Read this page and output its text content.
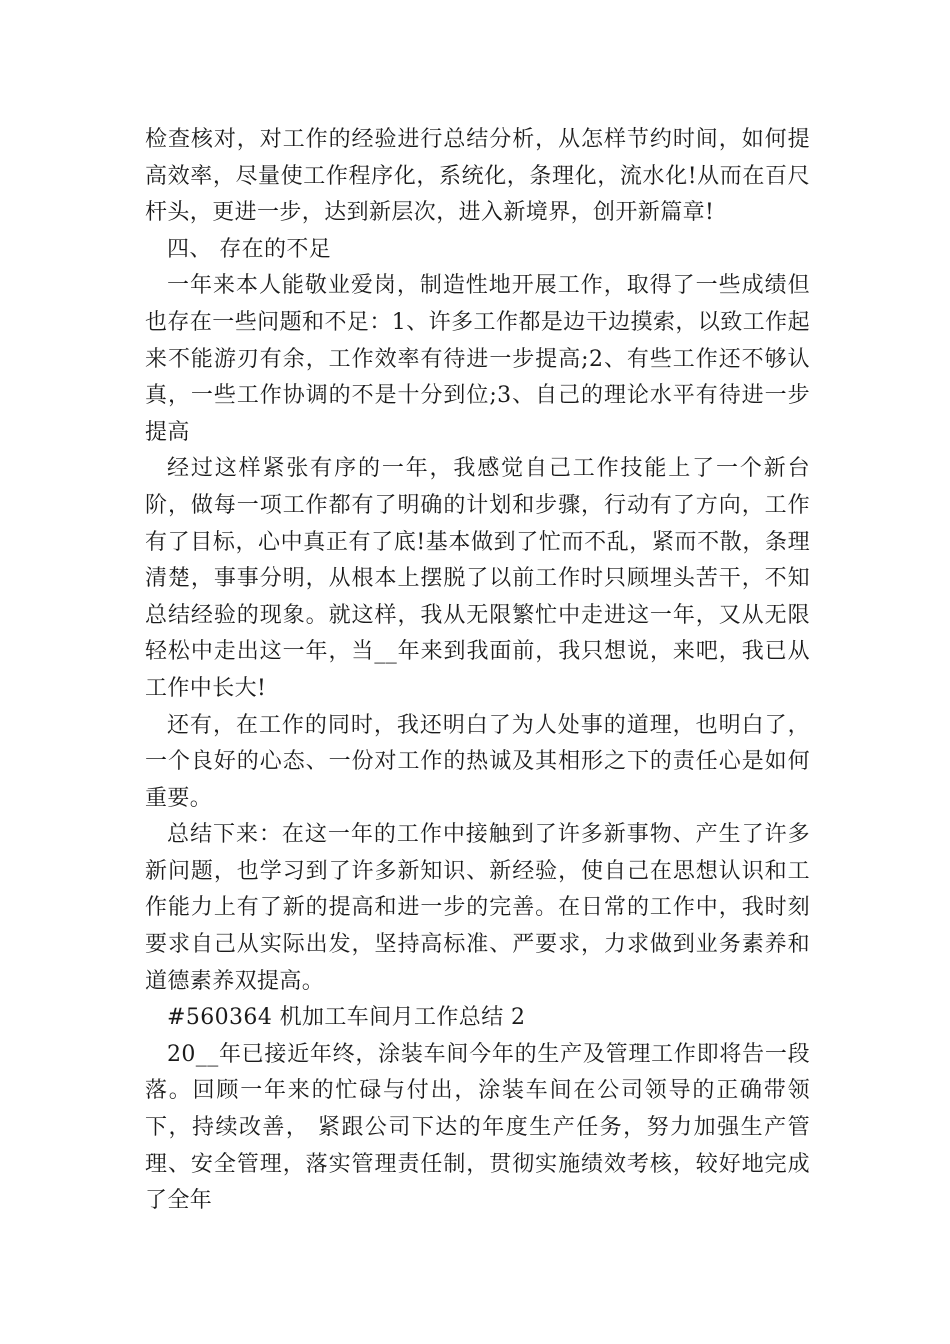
检查核对，对工作的经验进行总结分析，从怎样节约时间，如何提高效率，尽量使工作程序化，系统化，条理化，流水化!从而在百尺杆头，更进一步，达到新层次，进入新境界，创开新篇章!

四、 存在的不足

一年来本人能敬业爱岗，制造性地开展工作，取得了一些成绩但也存在一些问题和不足：1、许多工作都是边干边摸索，以致工作起来不能游刃有余，工作效率有待进一步提高;2、有些工作还不够认真，一些工作协调的不是十分到位;3、自己的理论水平有待进一步提高

经过这样紧张有序的一年，我感觉自己工作技能上了一个新台阶，做每一项工作都有了明确的计划和步骤，行动有了方向，工作有了目标，心中真正有了底!基本做到了忙而不乱，紧而不散，条理清楚，事事分明，从根本上摆脱了以前工作时只顾埋头苦干，不知总结经验的现象。就这样，我从无限繁忙中走进这一年，又从无限轻松中走出这一年，当__年来到我面前，我只想说，来吧，我已从工作中长大!

还有，在工作的同时，我还明白了为人处事的道理，也明白了，一个良好的心态、一份对工作的热诚及其相形之下的责任心是如何重要。

总结下来：在这一年的工作中接触到了许多新事物、产生了许多新问题，也学习到了许多新知识、新经验，使自己在思想认识和工作能力上有了新的提高和进一步的完善。在日常的工作中，我时刻要求自己从实际出发，坚持高标准、严要求，力求做到业务素养和道德素养双提高。

#560364 机加工车间月工作总结 2

20__年已接近年终，涂装车间今年的生产及管理工作即将告一段落。回顾一年来的忙碌与付出，涂装车间在公司领导的正确带领下，持续改善， 紧跟公司下达的年度生产任务，努力加强生产管理、安全管理，落实管理责任制，贯彻实施绩效考核，较好地完成了全年
